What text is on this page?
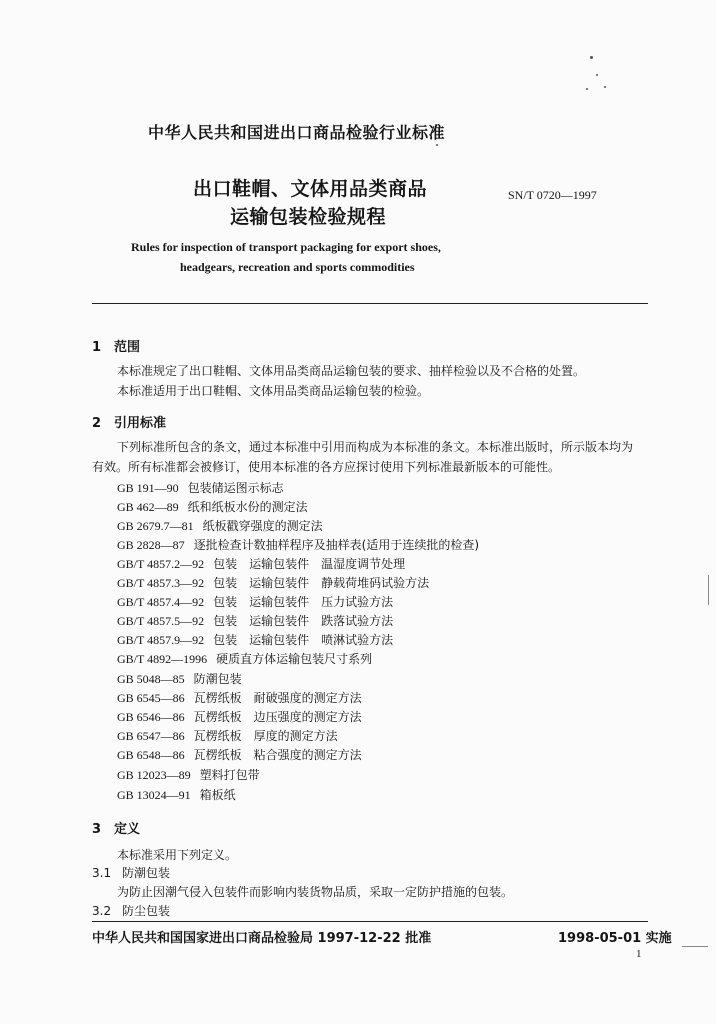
中华人民共和国进出口商品检验行业标准
出口鞋帽、文体用品类商品
运输包装检验规程
SN/T 0720—1997
Rules for inspection of transport packaging for export shoes,
headgears, recreation and sports commodities
1 范围
本标准规定了出口鞋帽、文体用品类商品运输包装的要求、抽样检验以及不合格的处置。
本标准适用于出口鞋帽、文体用品类商品运输包装的检验。
2 引用标准
下列标准所包含的条文，通过本标准中引用而构成为本标准的条文。本标准出版时，所示版本均为
有效。所有标准都会被修订，使用本标准的各方应探讨使用下列标准最新版本的可能性。
GB 191—90 包装储运图示标志
GB 462—89 纸和纸板水份的测定法
GB 2679.7—81 纸板戳穿强度的测定法
GB 2828—87 逐批检查计数抽样程序及抽样表(适用于连续批的检查)
GB/T 4857.2—92 包装　运输包装件　温湿度调节处理
GB/T 4857.3—92 包装　运输包装件　静载荷堆码试验方法
GB/T 4857.4—92 包装　运输包装件　压力试验方法
GB/T 4857.5—92 包装　运输包装件　跌落试验方法
GB/T 4857.9—92 包装　运输包装件　喷淋试验方法
GB/T 4892—1996 硬质直方体运输包装尺寸系列
GB 5048—85 防潮包装
GB 6545—86 瓦楞纸板　耐破强度的测定方法
GB 6546—86 瓦楞纸板　边压强度的测定方法
GB 6547—86 瓦楞纸板　厚度的测定方法
GB 6548—86 瓦楞纸板　粘合强度的测定方法
GB 12023—89 塑料打包带
GB 13024—91 箱板纸
3 定义
本标准采用下列定义。
3.1 防潮包装
为防止因潮气侵入包装件而影响内装货物品质，采取一定防护措施的包装。
3.2 防尘包装
中华人民共和国国家进出口商品检验局 1997-12-22 批准	1998-05-01 实施
1
